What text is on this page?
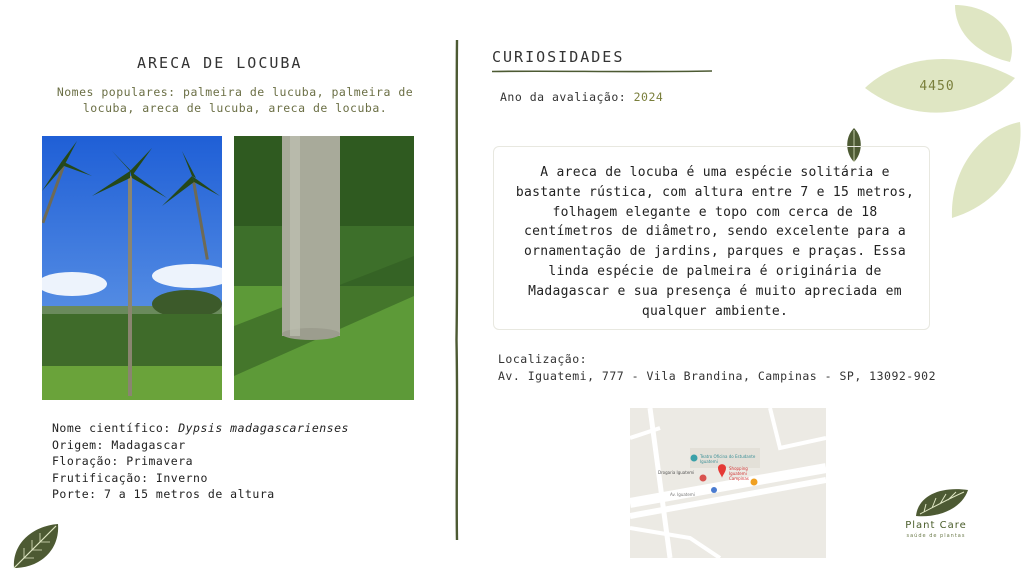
4450
ARECA DE LOCUBA
Nomes populares: palmeira de lucuba, palmeira de locuba, areca de lucuba, areca de locuba.
Nome científico: Dypsis madagascarienses
Origem: Madagascar
Floração: Primavera
Frutificação: Inverno
Porte: 7 a 15 metros de altura
CURIOSIDADES
Ano da avaliação: 2024
A areca de locuba é uma espécie solitária e bastante rústica, com altura entre 7 e 15 metros, folhagem elegante e topo com cerca de 18 centímetros de diâmetro, sendo excelente para a ornamentação de jardins, parques e praças. Essa linda espécie de palmeira é originária de Madagascar e sua presença é muito apreciada em qualquer ambiente.
Localização:
Av. Iguatemi, 777 - Vila Brandina, Campinas - SP, 13092-902
Teatro Oficina do Estudante Iguatemi
Shopping Iguatemi Campinas
Drogaria Iguatemi
Av. Iguatemi
Plant Care
saúde de plantas
